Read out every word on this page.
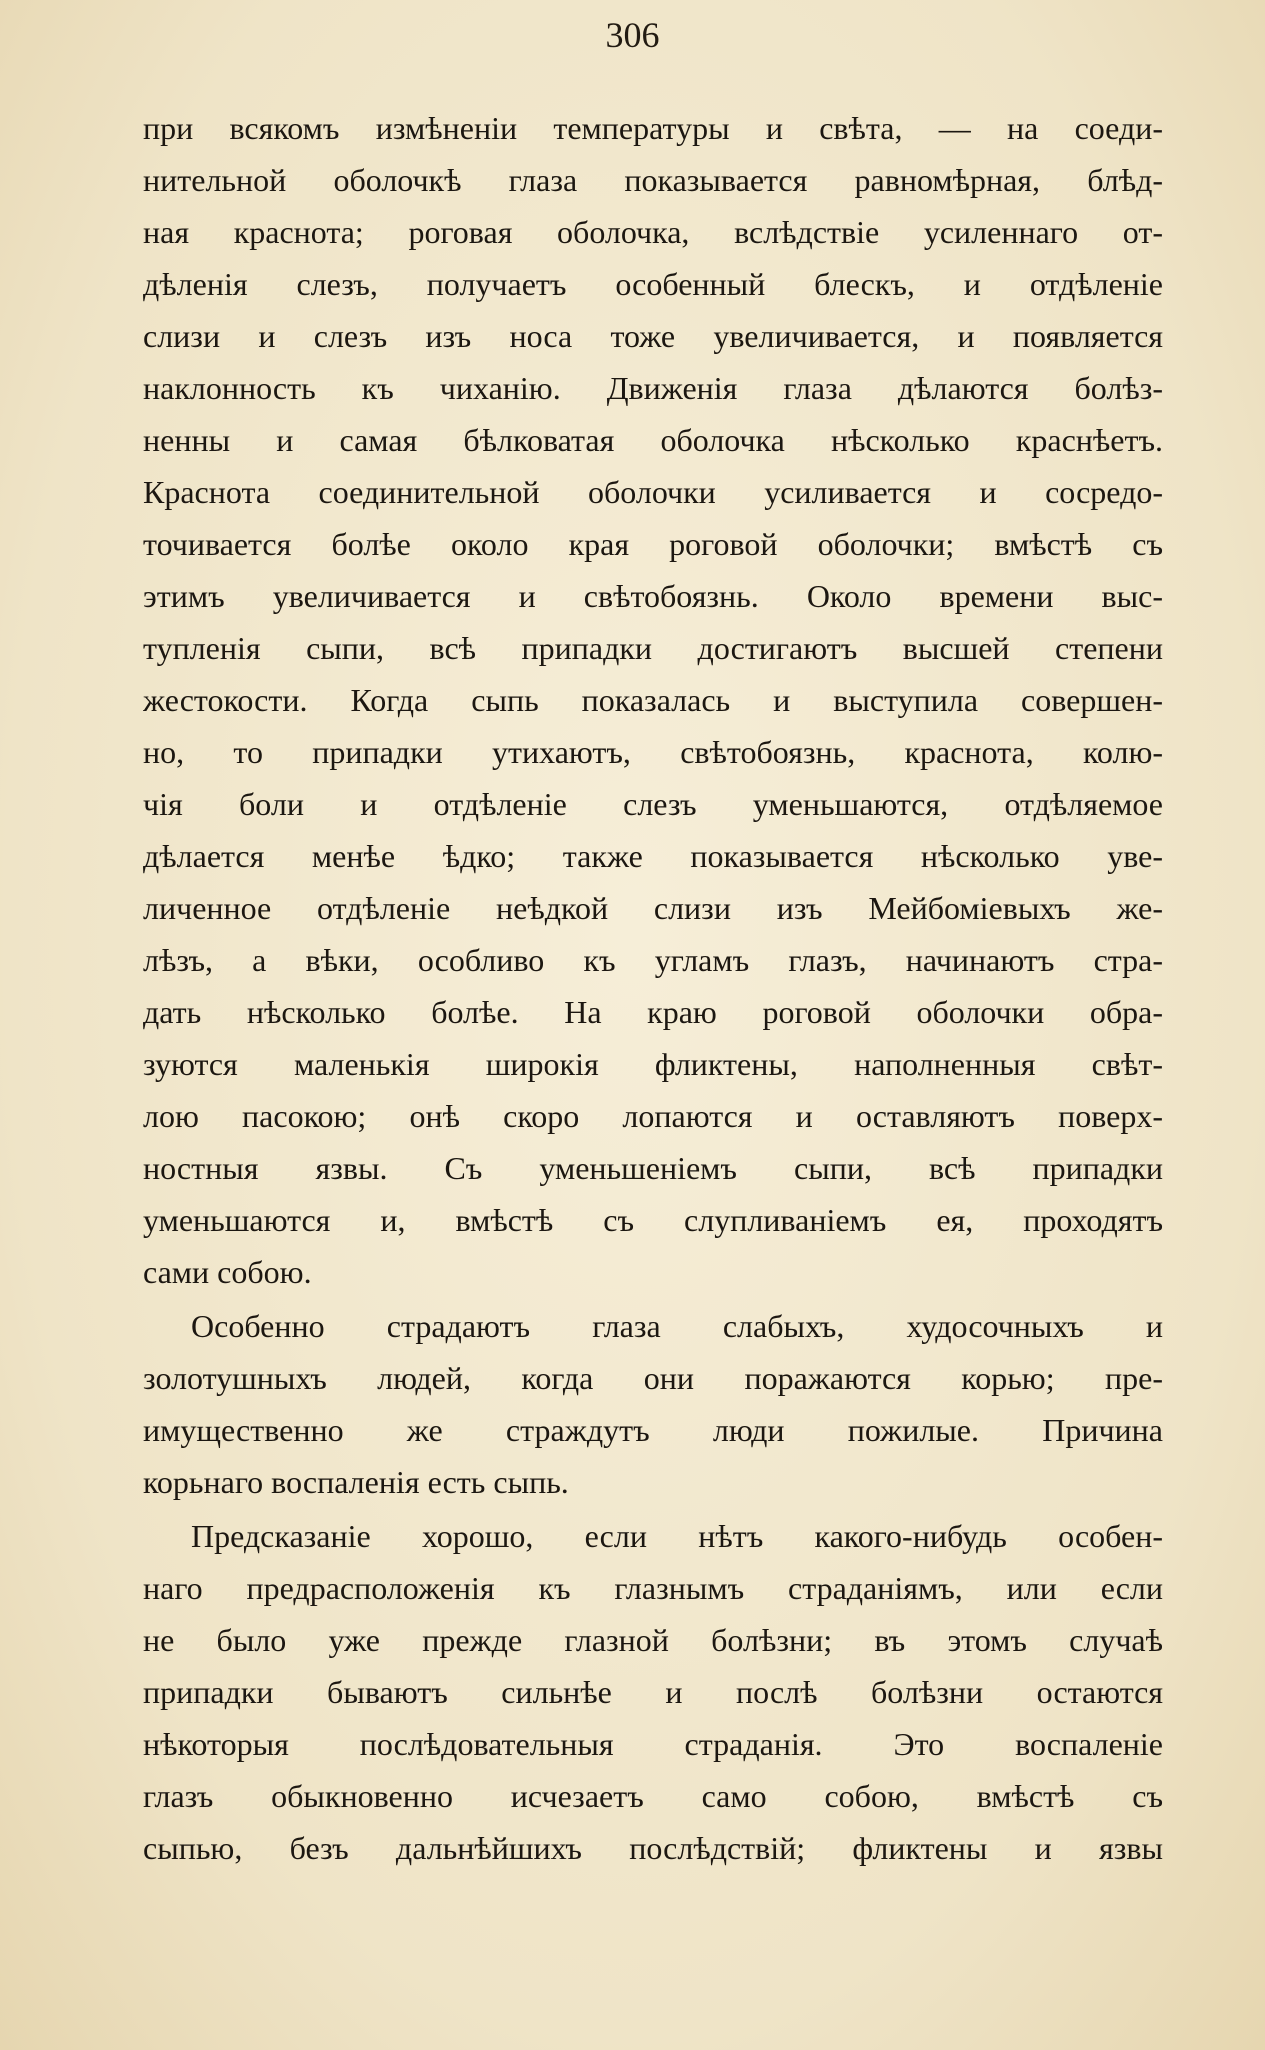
306
при всякомъ измѣненіи температуры и свѣта, — на соеди-
нительной оболочкѣ глаза показывается равномѣрная, блѣд-
ная краснота; роговая оболочка, вслѣдствіе усиленнаго от-
дѣленія слезъ, получаетъ особенный блескъ, и отдѣленіе
слизи и слезъ изъ носа тоже увеличивается, и появляется
наклонность къ чиханію. Движенія глаза дѣлаются болѣз-
ненны и самая бѣлковатая оболочка нѣсколько краснѣетъ.
Краснота соединительной оболочки усиливается и сосредо-
точивается болѣе около края роговой оболочки; вмѣстѣ съ
этимъ увеличивается и свѣтобоязнь. Около времени выс-
тупленія сыпи, всѣ припадки достигаютъ высшей степени
жестокости. Когда сыпь показалась и выступила совершен-
но, то припадки утихаютъ, свѣтобоязнь, краснота, колю-
чія боли и отдѣленіе слезъ уменьшаются, отдѣляемое
дѣлается менѣе ѣдко; также показывается нѣсколько уве-
личенное отдѣленіе неѣдкой слизи изъ Мейбоміевыхъ же-
лѣзъ, а вѣки, особливо къ угламъ глазъ, начинаютъ стра-
дать нѣсколько болѣе. На краю роговой оболочки обра-
зуются маленькія широкія фликтены, наполненныя свѣт-
лою пасокою; онѣ скоро лопаются и оставляютъ поверх-
ностныя язвы. Съ уменьшеніемъ сыпи, всѣ припадки
уменьшаются и, вмѣстѣ съ слупливаніемъ ея, проходятъ
сами собою.
Особенно страдаютъ глаза слабыхъ, худосочныхъ и
золотушныхъ людей, когда они поражаются корью; пре-
имущественно же страждутъ люди пожилые. Причина
корьнаго воспаленія есть сыпь.
Предсказаніе хорошо, если нѣтъ какого-нибудь особен-
наго предрасположенія къ глазнымъ страданіямъ, или если
не было уже прежде глазной болѣзни; въ этомъ случаѣ
припадки бываютъ сильнѣе и послѣ болѣзни остаются
нѣкоторыя послѣдовательныя страданія. Это воспаленіе
глазъ обыкновенно исчезаетъ само собою, вмѣстѣ съ
сыпью, безъ дальнѣйшихъ послѣдствій; фликтены и язвы
